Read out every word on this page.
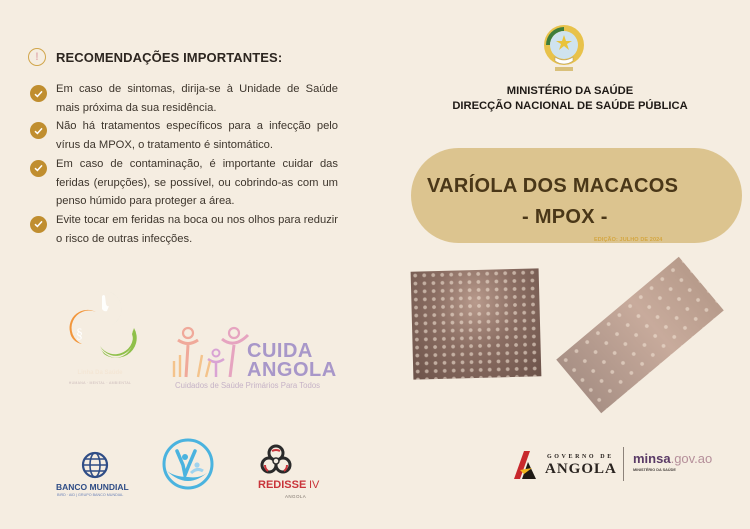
!	RECOMENDAÇÕES IMPORTANTES:
Em caso de sintomas, dirija-se à Unidade de Saúde mais próxima da sua residência.
Não há tratamentos específicos para a infecção pelo vírus da MPOX, o tratamento é sintomático.
Em caso de contaminação, é importante cuidar das feridas (erupções), se possível, ou cobrindo-as com um penso húmido para proteger a área.
Evite tocar em feridas na boca ou nos olhos para reduzir o risco de outras infecções.
MINISTÉRIO DA SAÚDE
DIRECÇÃO NACIONAL DE SAÚDE PÚBLICA
VARÍOLA DOS MACACOS
- MPOX -
EDIÇÃO: JULHO DE 2024
§
Linha Da Saúde
HUMANA · MENTAL · AMBIENTAL
CUIDA
ANGOLA
Cuidados de Saúde Primários Para Todos
BANCO MUNDIAL
BIRD · AID | GRUPO BANCO MUNDIAL
REDISSE IV
ANGOLA
GOVERNO DE
ANGOLA
minsa.gov.ao
MINISTÉRIO DA SAÚDE
